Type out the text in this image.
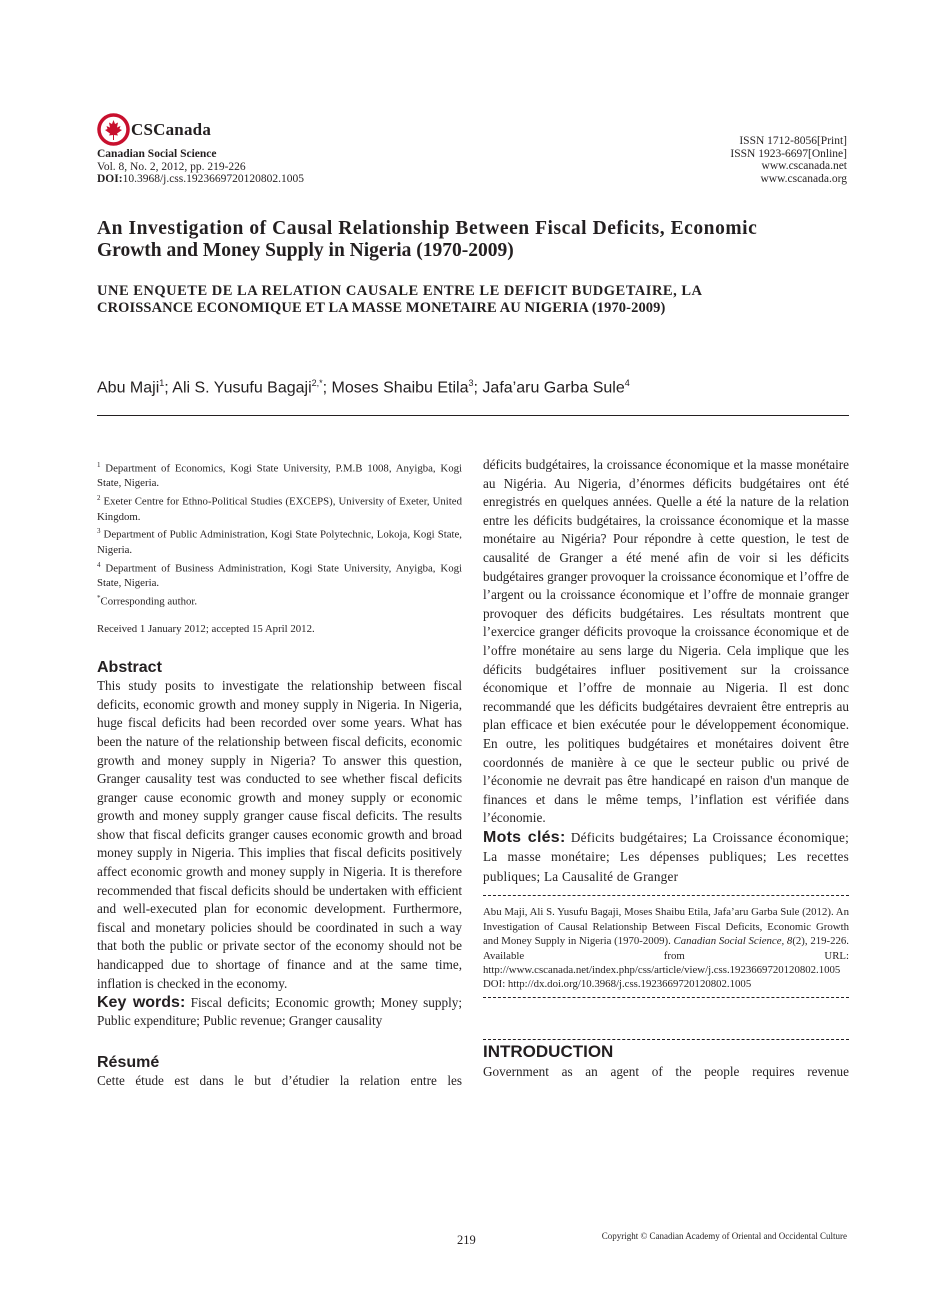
CSCanada
Canadian Social Science
Vol. 8, No. 2, 2012, pp. 219-226
DOI:10.3968/j.css.1923669720120802.1005
ISSN 1712-8056[Print]
ISSN 1923-6697[Online]
www.cscanada.net
www.cscanada.org
An Investigation of Causal Relationship Between Fiscal Deficits, Economic
Growth and Money Supply in Nigeria (1970-2009)
UNE ENQUETE DE LA RELATION CAUSALE ENTRE LE DEFICIT BUDGETAIRE, LA
CROISSANCE ECONOMIQUE ET LA MASSE MONETAIRE AU NIGERIA (1970-2009)
Abu Maji$^1$; Ali S. Yusufu Bagaji$^{2,*}$; Moses Shaibu Etila$^3$; Jafa’aru Garba Sule$^4$

$^1$ Department of Economics, Kogi State University, P.M.B 1008, Anyigba, Kogi State, Nigeria.

$^2$ Exeter Centre for Ethno-Political Studies (EXCEPS), University of Exeter, United Kingdom.

$^3$ Department of Public Administration, Kogi State Polytechnic, Lokoja, Kogi State, Nigeria.

$^4$ Department of Business Administration, Kogi State University, Anyigba, Kogi State, Nigeria.

*Corresponding author.

Received 1 January 2012; accepted 15 April 2012.
Abstract

This study posits to investigate the relationship between fiscal deficits, economic growth and money supply in Nigeria. In Nigeria, huge fiscal deficits had been recorded over some years. What has been the nature of the relationship between fiscal deficits, economic growth and money supply in Nigeria? To answer this question, Granger causality test was conducted to see whether fiscal deficits granger cause economic growth and money supply or economic growth and money supply granger cause fiscal deficits. The results show that fiscal deficits granger causes economic growth and broad money supply in Nigeria. This implies that fiscal deficits positively affect economic growth and money supply in Nigeria. It is therefore recommended that fiscal deficits should be undertaken with efficient and well-executed plan for economic development. Furthermore, fiscal and monetary policies should be coordinated in such a way that both the public or private sector of the economy should not be handicapped due to shortage of finance and at the same time, inflation is checked in the economy.

Key words: Fiscal deficits; Economic growth; Money supply; Public expenditure; Public revenue; Granger causality

Résumé

Cette étude est dans le but d’étudier la relation entre les

déficits budgétaires, la croissance économique et la masse monétaire au Nigéria. Au Nigeria, d’énormes déficits budgétaires ont été enregistrés en quelques années. Quelle a été la nature de la relation entre les déficits budgétaires, la croissance économique et la masse monétaire au Nigéria? Pour répondre à cette question, le test de causalité de Granger a été mené afin de voir si les déficits budgétaires granger provoquer la croissance économique et l’offre de l’argent ou la croissance économique et l’offre de monnaie granger provoquer des déficits budgétaires. Les résultats montrent que l’exercice granger déficits provoque la croissance économique et de l’offre monétaire au sens large du Nigeria. Cela implique que les déficits budgétaires influer positivement sur la croissance économique et l’offre de monnaie au Nigeria. Il est donc recommandé que les déficits budgétaires devraient être entrepris au plan efficace et bien exécutée pour le développement économique. En outre, les politiques budgétaires et monétaires doivent être coordonnés de manière à ce que le secteur public ou privé de l’économie ne devrait pas être handicapé en raison d'un manque de finances et dans le même temps, l’inflation est vérifiée dans l’économie.

Mots clés: Déficits budgétaires; La Croissance économique; La masse monétaire; Les dépenses publiques; Les recettes publiques; La Causalité de Granger

Abu Maji, Ali S. Yusufu Bagaji, Moses Shaibu Etila, Jafa’aru Garba Sule (2012). An Investigation of Causal Relationship Between Fiscal Deficits, Economic Growth and Money Supply in Nigeria (1970-2009). Canadian Social Science, 8(2), 219-226. Available from URL: http://www.cscanada.net/index.php/css/article/view/j.css.1923669720120802.1005
DOI: http://dx.doi.org/10.3968/j.css.1923669720120802.1005
INTRODUCTION
Government as an agent of the people requires revenue
219	Copyright © Canadian Academy of Oriental and Occidental Culture
